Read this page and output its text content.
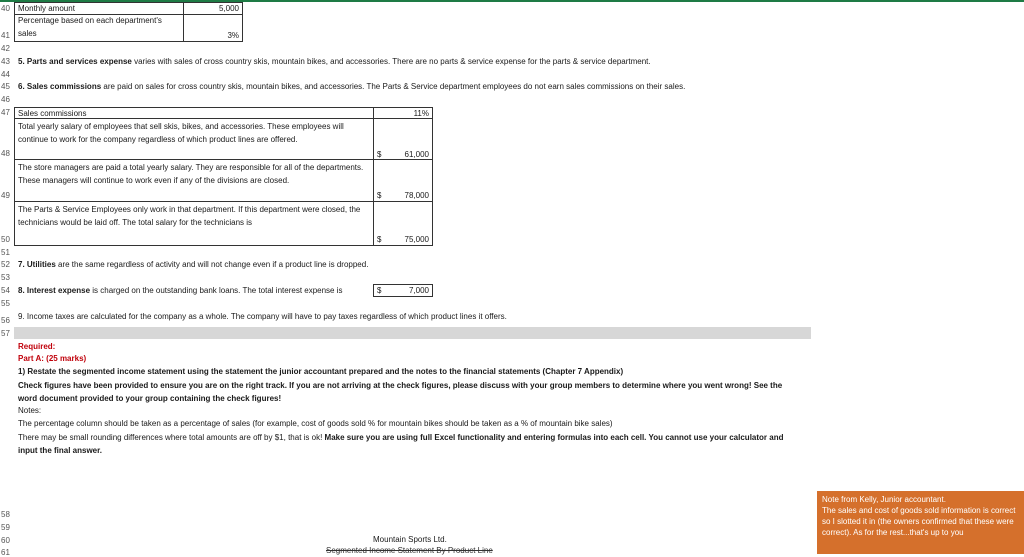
40
41
42
43
44
45
46
47
48
49
50
51
52
53
54
55
56
57
58
59
60
61
Monthly amount	5,000
Percentage based on each department's
sales	3%
5. Parts and services expense varies with sales of cross country skis, mountain bikes, and accessories. There are no parts & service expense for the parts & service department.
6. Sales commissions are paid on sales for cross country skis, mountain bikes, and accessories. The Parts & Service department employees do not earn sales commissions on their sales.
Sales commissions	11%
Total yearly salary of employees that sell skis, bikes, and accessories. These employees will continue to work for the company regardless of which product lines are offered.
$	61,000
The store managers are paid a total yearly salary. They are responsible for all of the departments. These managers will continue to work even if any of the divisions are closed.
$	78,000
The Parts & Service Employees only work in that department. If this department were closed, the technicians would be laid off. The total salary for the technicians is
$	75,000
7. Utilities are the same regardless of activity and will not change even if a product line is dropped.
8. Interest expense is charged on the outstanding bank loans. The total interest expense is	$	7,000
9. Income taxes are calculated for the company as a whole. The company will have to pay taxes regardless of which product lines it offers.
Required:
Part A: (25 marks)
1) Restate the segmented income statement using the statement the junior accountant prepared and the notes to the financial statements (Chapter 7 Appendix)
Check figures have been provided to ensure you are on the right track. If you are not arriving at the check figures, please discuss with your group members to determine where you went wrong! See the word document provided to your group containing the check figures!
Notes:
The percentage column should be taken as a percentage of sales (for example, cost of goods sold % for mountain bikes should be taken as a % of mountain bike sales)
There may be small rounding differences where total amounts are off by $1, that is ok! Make sure you are using full Excel functionality and entering formulas into each cell. You cannot use your calculator and input the final answer.
Mountain Sports Ltd.
Segmented Income Statement By Product Line
Note from Kelly, Junior accountant.
The sales and cost of goods sold information is correct so I slotted it in (the owners confirmed that these were correct). As for the rest...that's up to you
